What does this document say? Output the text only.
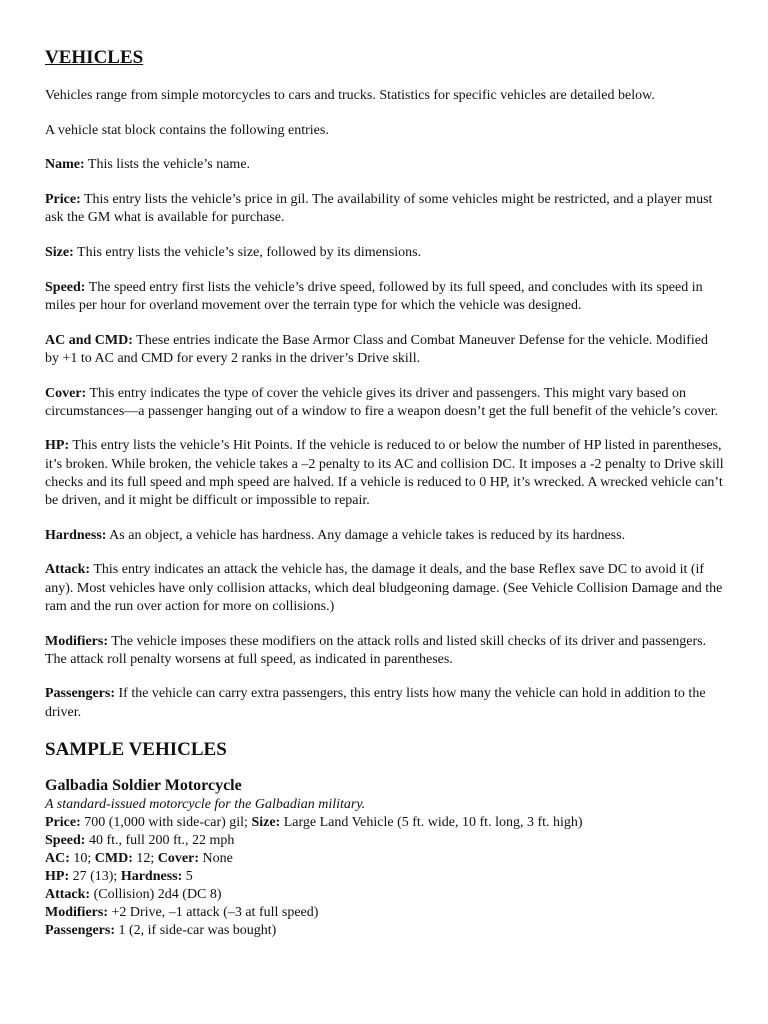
VEHICLES

Vehicles range from simple motorcycles to cars and trucks. Statistics for specific vehicles are detailed below.

A vehicle stat block contains the following entries.

Name: This lists the vehicle’s name.

Price: This entry lists the vehicle’s price in gil. The availability of some vehicles might be restricted, and a player must ask the GM what is available for purchase.

Size: This entry lists the vehicle’s size, followed by its dimensions.

Speed: The speed entry first lists the vehicle’s drive speed, followed by its full speed, and concludes with its speed in miles per hour for overland movement over the terrain type for which the vehicle was designed.

AC and CMD: These entries indicate the Base Armor Class and Combat Maneuver Defense for the vehicle. Modified by +1 to AC and CMD for every 2 ranks in the driver’s Drive skill.

Cover: This entry indicates the type of cover the vehicle gives its driver and passengers. This might vary based on circumstances—a passenger hanging out of a window to fire a weapon doesn’t get the full benefit of the vehicle’s cover.

HP: This entry lists the vehicle’s Hit Points. If the vehicle is reduced to or below the number of HP listed in parentheses, it’s broken. While broken, the vehicle takes a –2 penalty to its AC and collision DC. It imposes a -2 penalty to Drive skill checks and its full speed and mph speed are halved. If a vehicle is reduced to 0 HP, it’s wrecked. A wrecked vehicle can’t be driven, and it might be difficult or impossible to repair.

Hardness: As an object, a vehicle has hardness. Any damage a vehicle takes is reduced by its hardness.

Attack: This entry indicates an attack the vehicle has, the damage it deals, and the base Reflex save DC to avoid it (if any). Most vehicles have only collision attacks, which deal bludgeoning damage. (See Vehicle Collision Damage and the ram and the run over action for more on collisions.)

Modifiers: The vehicle imposes these modifiers on the attack rolls and listed skill checks of its driver and passengers. The attack roll penalty worsens at full speed, as indicated in parentheses.

Passengers: If the vehicle can carry extra passengers, this entry lists how many the vehicle can hold in addition to the driver.

SAMPLE VEHICLES
Galbadia Soldier Motorcycle
A standard-issued motorcycle for the Galbadian military.
Price: 700 (1,000 with side-car) gil; Size: Large Land Vehicle (5 ft. wide, 10 ft. long, 3 ft. high)
Speed: 40 ft., full 200 ft., 22 mph
AC: 10; CMD: 12; Cover: None
HP: 27 (13); Hardness: 5
Attack: (Collision) 2d4 (DC 8)
Modifiers: +2 Drive, –1 attack (–3 at full speed)
Passengers: 1 (2, if side-car was bought)
